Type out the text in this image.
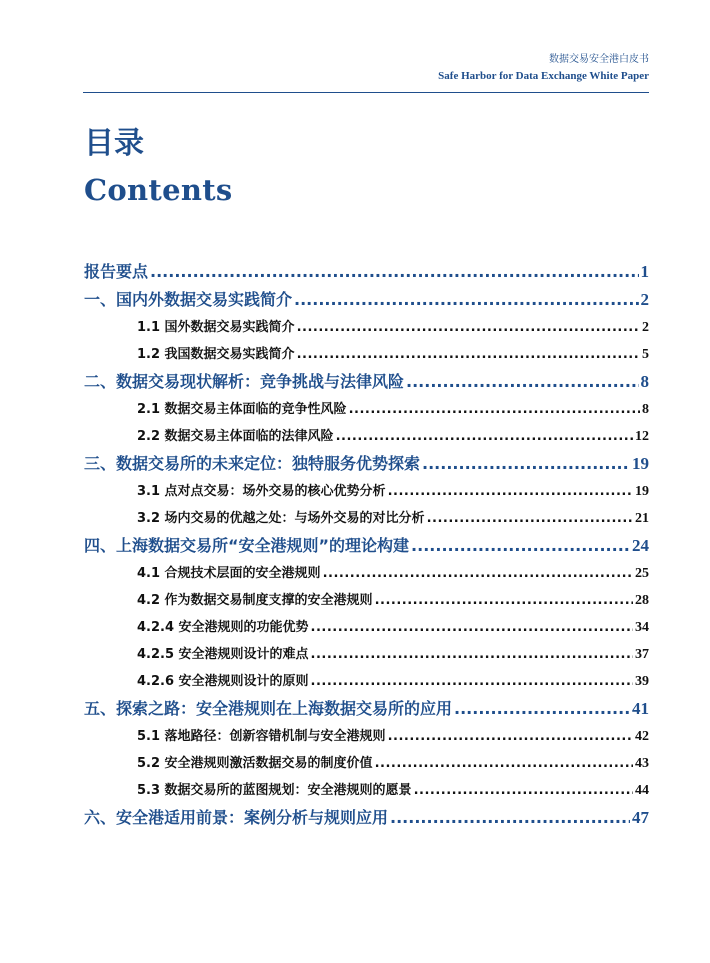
数据交易安全港白皮书
Safe Harbor for Data Exchange White Paper
目录
Contents
报告要点 .....	1
一、国内外数据交易实践简介 .....	2
1.1 国外数据交易实践简介 .....	2
1.2 我国数据交易实践简介 .....	5
二、数据交易现状解析：竞争挑战与法律风险 .....	8
2.1 数据交易主体面临的竞争性风险 .....	8
2.2 数据交易主体面临的法律风险 .....	12
三、数据交易所的未来定位：独特服务优势探索 .....	19
3.1 点对点交易：场外交易的核心优势分析 .....	19
3.2 场内交易的优越之处：与场外交易的对比分析 .....	21
四、上海数据交易所“安全港规则”的理论构建 .....	24
4.1 合规技术层面的安全港规则 .....	25
4.2 作为数据交易制度支撑的安全港规则 .....	28
4.2.4 安全港规则的功能优势 .....	34
4.2.5 安全港规则设计的难点 .....	37
4.2.6 安全港规则设计的原则 .....	39
五、探索之路：安全港规则在上海数据交易所的应用 .....	41
5.1 落地路径：创新容错机制与安全港规则 .....	42
5.2 安全港规则激活数据交易的制度价值 .....	43
5.3 数据交易所的蓝图规划：安全港规则的愿景 .....	44
六、安全港适用前景：案例分析与规则应用 .....	47
